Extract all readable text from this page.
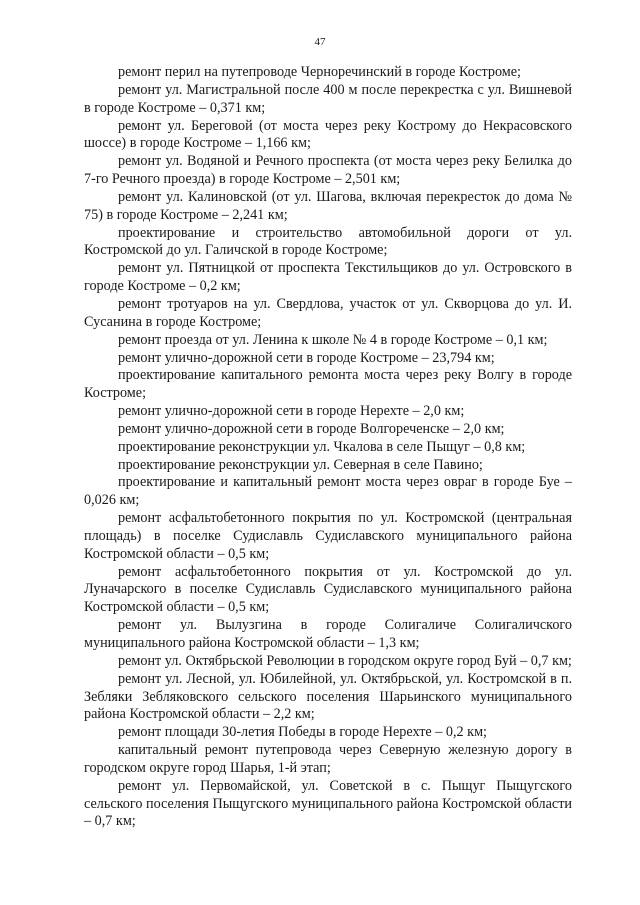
47

ремонт перил на путепроводе Черноречинский в городе Костроме;

ремонт ул. Магистральной после 400 м после перекрестка с ул. Вишневой в городе Костроме – 0,371 км;

ремонт ул. Береговой (от моста через реку Кострому до Некрасовского шоссе) в городе Костроме – 1,166 км;

ремонт ул. Водяной и Речного проспекта (от моста через реку Белилка до 7-го Речного проезда) в городе Костроме – 2,501 км;

ремонт ул. Калиновской (от ул. Шагова, включая перекресток до дома № 75) в городе Костроме – 2,241 км;

проектирование и строительство автомобильной дороги от ул. Костромской до ул. Галичской в городе Костроме;

ремонт ул. Пятницкой от проспекта Текстильщиков до ул. Островского в городе Костроме – 0,2 км;

ремонт тротуаров на ул. Свердлова, участок от ул. Скворцова до ул. И. Сусанина в городе Костроме;

ремонт проезда от ул. Ленина к школе № 4 в городе Костроме – 0,1 км;

ремонт улично-дорожной сети в городе Костроме – 23,794 км;

проектирование капитального ремонта моста через реку Волгу в городе Костроме;

ремонт улично-дорожной сети в городе Нерехте – 2,0 км;

ремонт улично-дорожной сети в городе Волгореченске – 2,0 км;

проектирование реконструкции ул. Чкалова в селе Пыщуг – 0,8 км;

проектирование реконструкции ул. Северная в селе Павино;

проектирование и капитальный ремонт моста через овраг в городе Буе – 0,026 км;

ремонт асфальтобетонного покрытия по ул. Костромской (центральная площадь) в поселке Судиславль Судиславского муниципального района Костромской области – 0,5 км;

ремонт асфальтобетонного покрытия от ул. Костромской до ул. Луначарского в поселке Судиславль Судиславского муниципального района Костромской области – 0,5 км;

ремонт ул. Вылузгина в городе Солигаличе Солигаличского муниципального района Костромской области – 1,3 км;

ремонт ул. Октябрьской Революции в городском округе город Буй – 0,7 км;

ремонт ул. Лесной, ул. Юбилейной, ул. Октябрьской, ул. Костромской в п. Зебляки Зебляковского сельского поселения Шарьинского муниципального района Костромской области – 2,2 км;

ремонт площади 30-летия Победы в городе Нерехте – 0,2 км;

капитальный ремонт путепровода через Северную железную дорогу в городском округе город Шарья, 1-й этап;

ремонт ул. Первомайской, ул. Советской в с. Пыщуг Пыщугского сельского поселения Пыщугского муниципального района Костромской области – 0,7 км;
